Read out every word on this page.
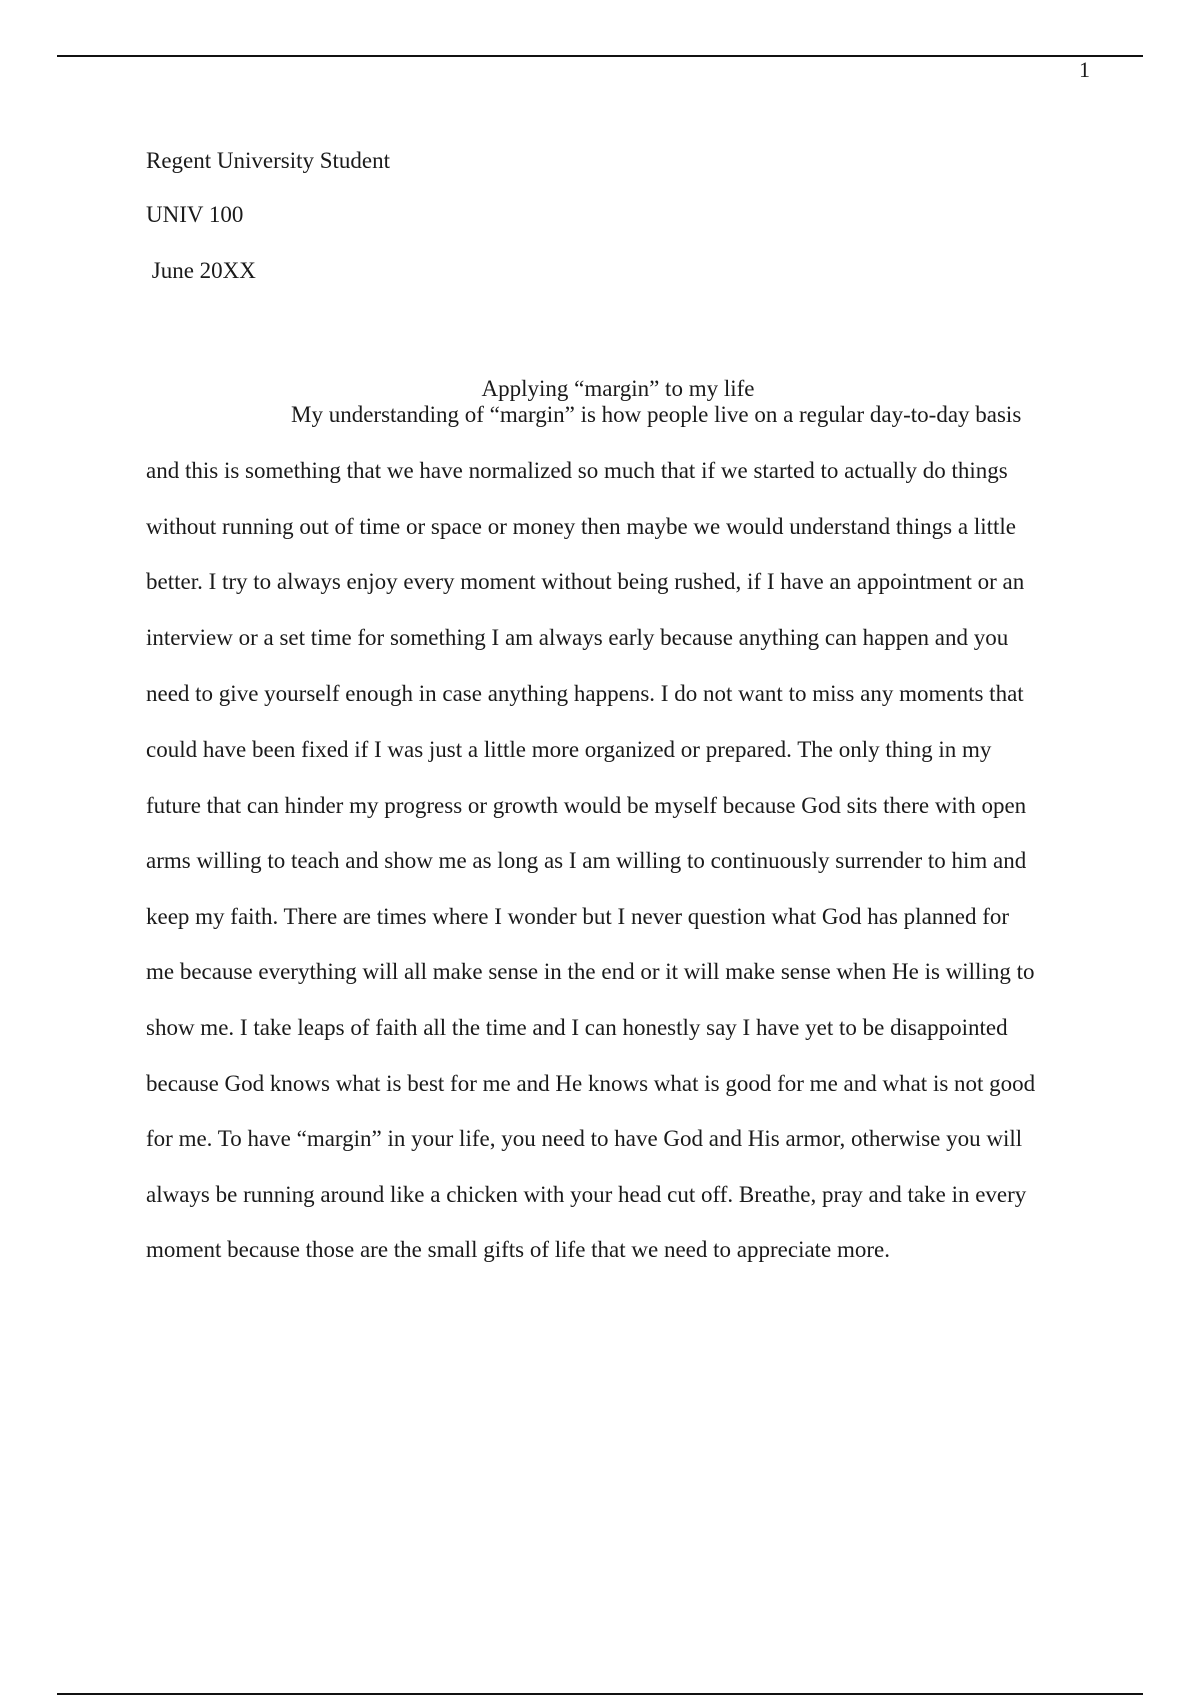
1
Regent University Student
UNIV 100
June 20XX
Applying “margin” to my life
My understanding of “margin” is how people live on a regular day-to-day basis
and this is something that we have normalized so much that if we started to actually do things
without running out of time or space or money then maybe we would understand things a little
better. I try to always enjoy every moment without being rushed, if I have an appointment or an
interview or a set time for something I am always early because anything can happen and you
need to give yourself enough in case anything happens. I do not want to miss any moments that
could have been fixed if I was just a little more organized or prepared. The only thing in my
future that can hinder my progress or growth would be myself because God sits there with open
arms willing to teach and show me as long as I am willing to continuously surrender to him and
keep my faith. There are times where I wonder but I never question what God has planned for
me because everything will all make sense in the end or it will make sense when He is willing to
show me. I take leaps of faith all the time and I can honestly say I have yet to be disappointed
because God knows what is best for me and He knows what is good for me and what is not good
for me. To have “margin” in your life, you need to have God and His armor, otherwise you will
always be running around like a chicken with your head cut off. Breathe, pray and take in every
moment because those are the small gifts of life that we need to appreciate more.
